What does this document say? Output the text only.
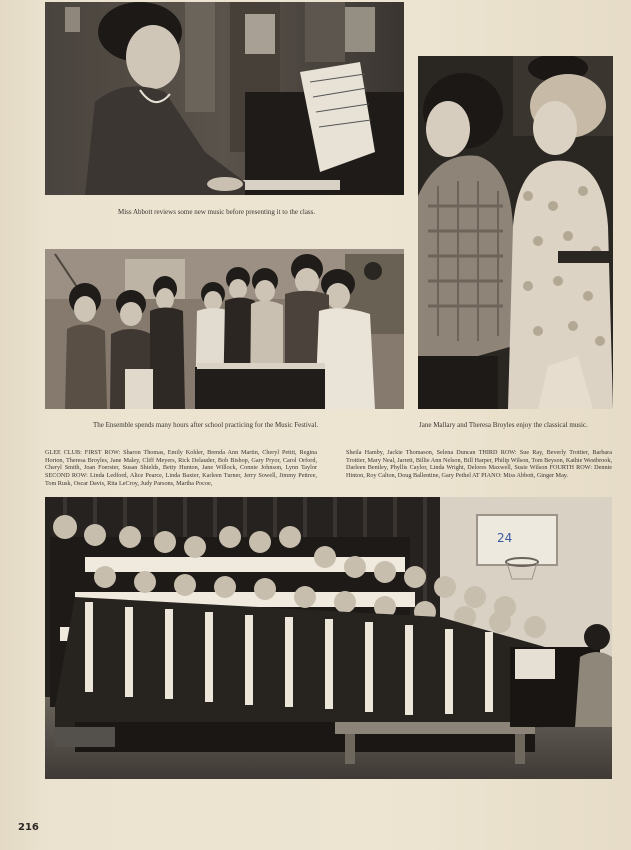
Miss Abbott reviews some new music before presenting it to the class.
The Ensemble spends many hours after school practicing for the Music Festival.	Jane Mallary and Theresa Broyles enjoy the classical music.
GLEE CLUB: FIRST ROW: Sharon Thomas, Emily Kohler, Brenda Ann Martin, Cheryl Pettit, Regina Horton, Theresa Broyles, Jane Maley, Cliff Meyers, Rick Delauder, Bob Bishop, Gary Pryor, Carol Orford, Cheryl Smith, Joan Foerster, Susan Shields, Betty Hunton, Jane Willock, Connie Johnson, Lynn Taylor SECOND ROW: Linda Ledford, Alice Pearce, Linda Baxter, Karleen Turner, Jerry Sowell, Jimmy Pettree, Tom Rusk, Oscar Davis, Rita LeCroy, Judy Parsons, Martha Pocoe,
Sheila Hamby, Jackie Thomason, Selena Duncan THIRD ROW: Sue Ray, Beverly Trottier, Barbara Trottier, Mary Neal, Jarrett, Billie Ann Nelson, Bill Harper, Philip Wilson, Tom Beyson, Kathie Westbrook, Darleen Bentley, Phyllis Caylor, Linda Wright, Delores Maxwell, Susie Wilson FOURTH ROW: Dennie Hinton, Roy Calton, Doug Ballentine, Gary Pethel AT PIANO: Miss Abbott, Ginger May.
24
216
